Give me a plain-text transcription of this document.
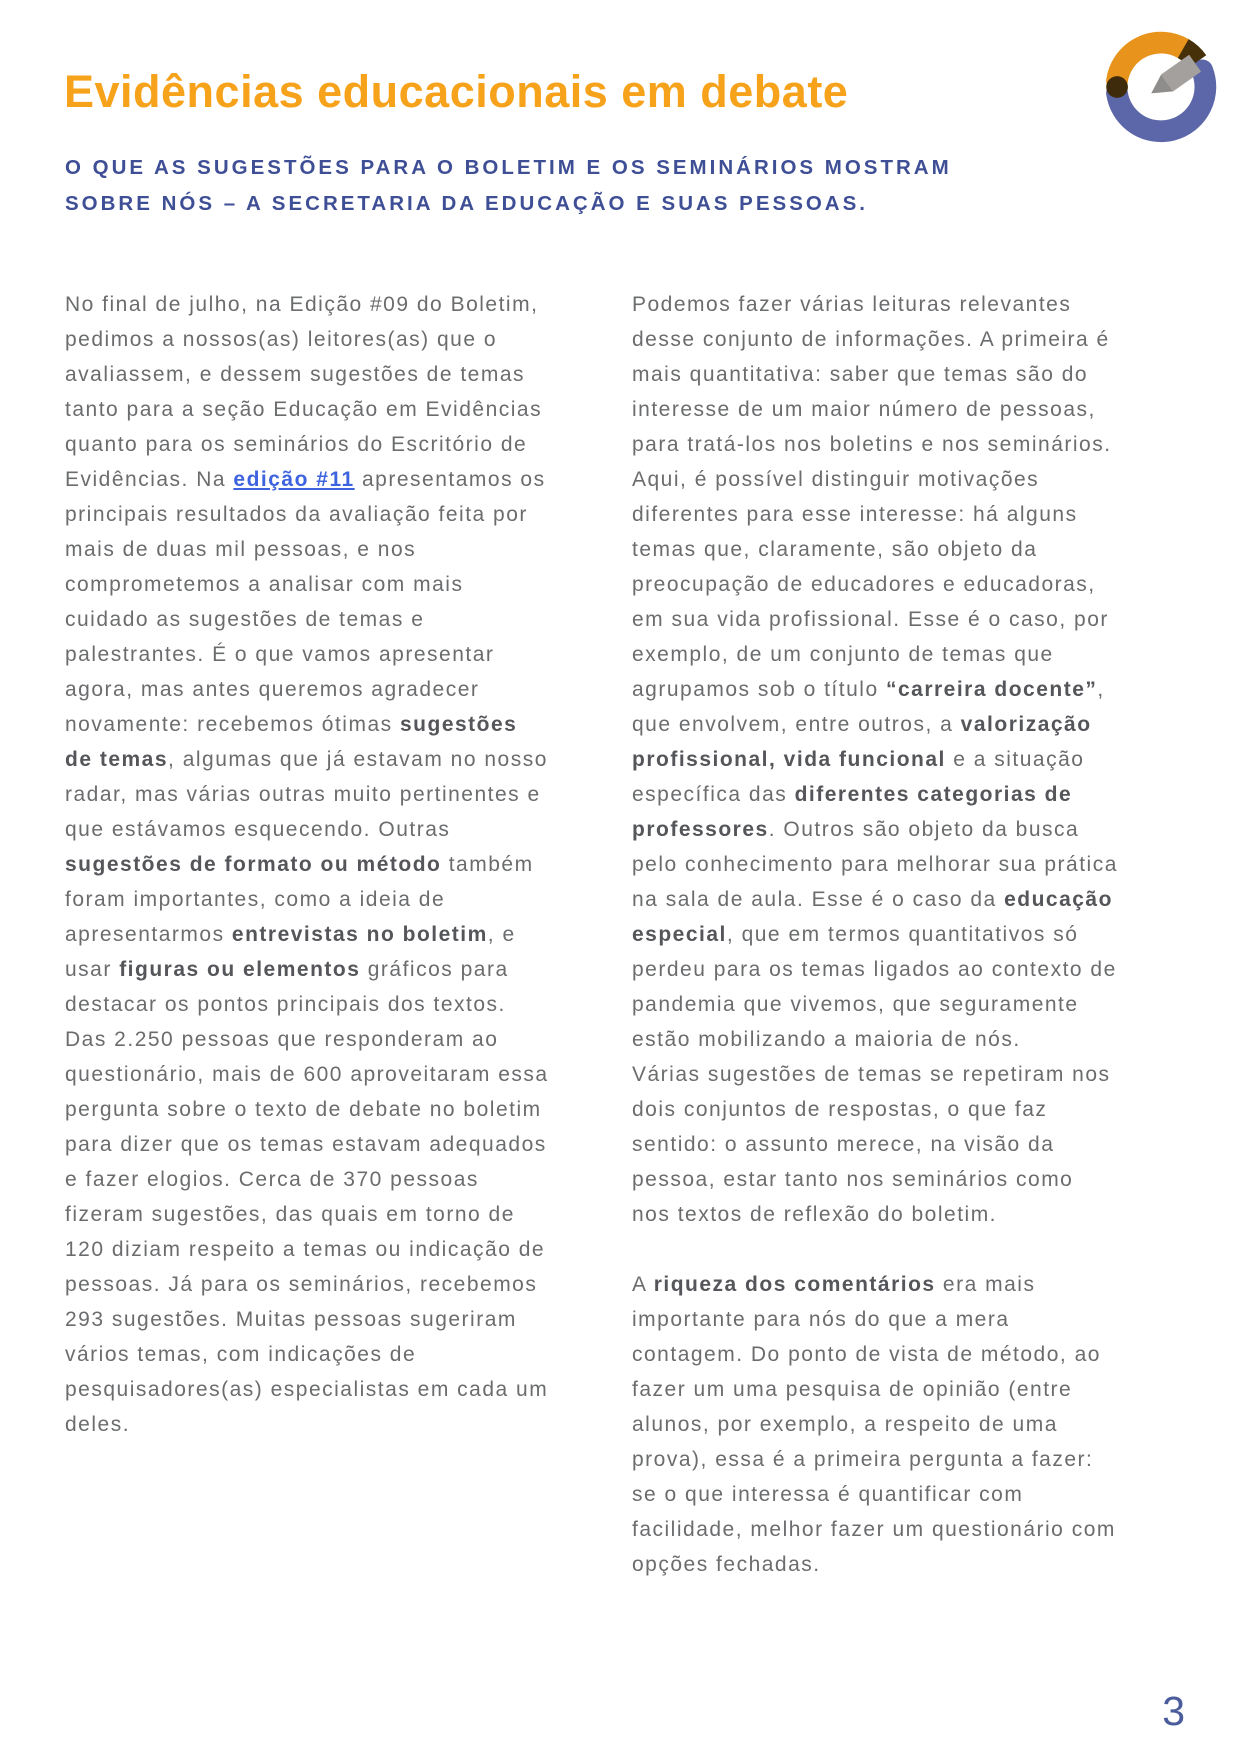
Evidências educacionais em debate
O QUE AS SUGESTÕES PARA O BOLETIM E OS SEMINÁRIOS MOSTRAM SOBRE NÓS – A SECRETARIA DA EDUCAÇÃO E SUAS PESSOAS.

No final de julho, na Edição #09 do Boletim, pedimos a nossos(as) leitores(as) que o avaliassem, e dessem sugestões de temas tanto para a seção Educação em Evidências quanto para os seminários do Escritório de Evidências. Na edição #11 apresentamos os principais resultados da avaliação feita por mais de duas mil pessoas, e nos comprometemos a analisar com mais cuidado as sugestões de temas e palestrantes. É o que vamos apresentar agora, mas antes queremos agradecer novamente: recebemos ótimas sugestões de temas, algumas que já estavam no nosso radar, mas várias outras muito pertinentes e que estávamos esquecendo. Outras sugestões de formato ou método também foram importantes, como a ideia de apresentarmos entrevistas no boletim, e usar figuras ou elementos gráficos para destacar os pontos principais dos textos.

Das 2.250 pessoas que responderam ao questionário, mais de 600 aproveitaram essa pergunta sobre o texto de debate no boletim para dizer que os temas estavam adequados e fazer elogios. Cerca de 370 pessoas fizeram sugestões, das quais em torno de 120 diziam respeito a temas ou indicação de pessoas. Já para os seminários, recebemos 293 sugestões. Muitas pessoas sugeriram vários temas, com indicações de pesquisadores(as) especialistas em cada um deles.

Podemos fazer várias leituras relevantes desse conjunto de informações. A primeira é mais quantitativa: saber que temas são do interesse de um maior número de pessoas, para tratá-los nos boletins e nos seminários. Aqui, é possível distinguir motivações diferentes para esse interesse: há alguns temas que, claramente, são objeto da preocupação de educadores e educadoras, em sua vida profissional. Esse é o caso, por exemplo, de um conjunto de temas que agrupamos sob o título “carreira docente”, que envolvem, entre outros, a valorização profissional, vida funcional e a situação específica das diferentes categorias de professores. Outros são objeto da busca pelo conhecimento para melhorar sua prática na sala de aula. Esse é o caso da educação especial, que em termos quantitativos só perdeu para os temas ligados ao contexto de pandemia que vivemos, que seguramente estão mobilizando a maioria de nós.

Várias sugestões de temas se repetiram nos dois conjuntos de respostas, o que faz sentido: o assunto merece, na visão da pessoa, estar tanto nos seminários como nos textos de reflexão do boletim.

A riqueza dos comentários era mais importante para nós do que a mera contagem. Do ponto de vista de método, ao fazer um uma pesquisa de opinião (entre alunos, por exemplo, a respeito de uma prova), essa é a primeira pergunta a fazer: se o que interessa é quantificar com facilidade, melhor fazer um questionário com opções fechadas.

3
